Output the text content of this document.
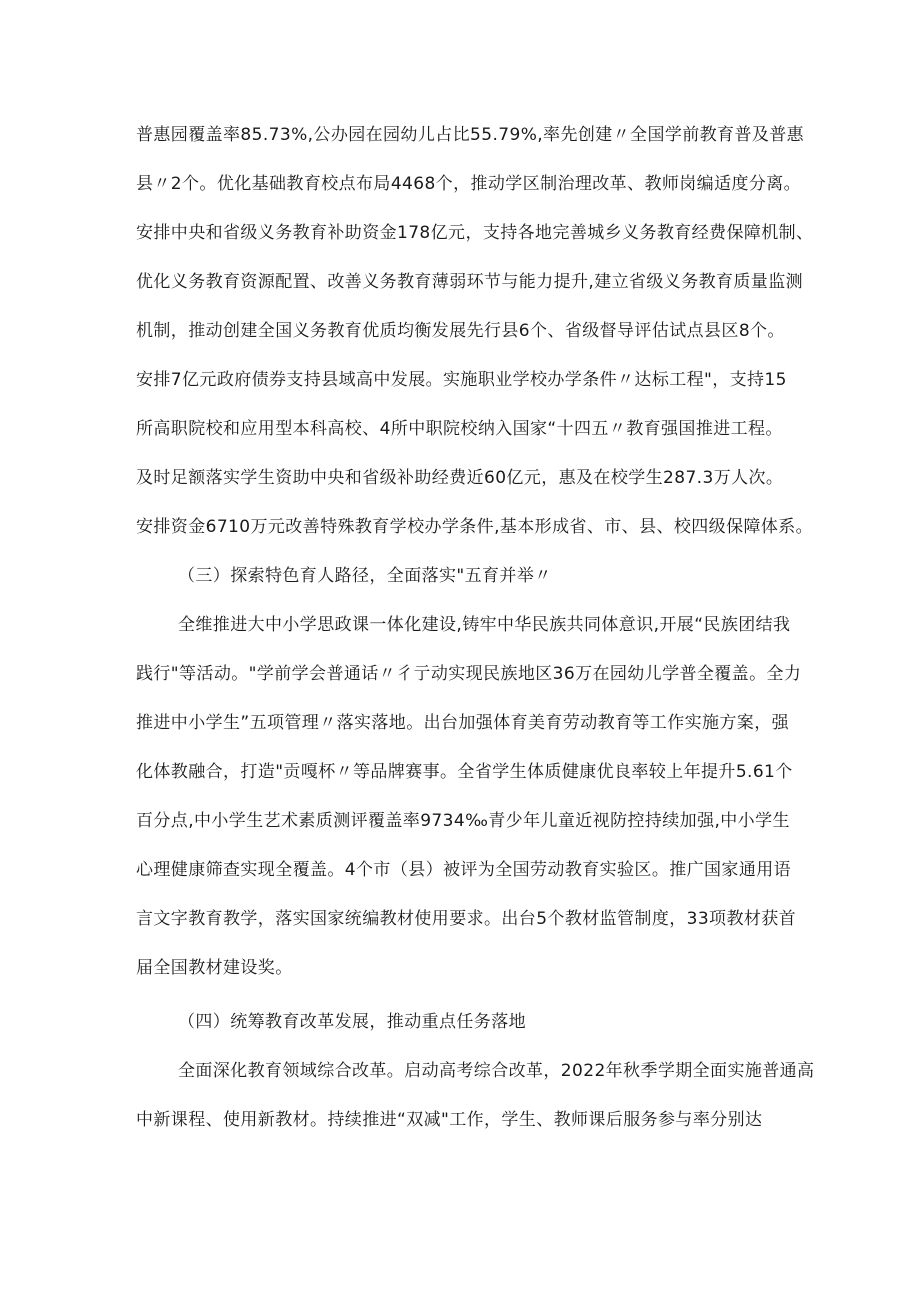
普惠园覆盖率85.73%,公办园在园幼儿占比55.79%,率先创建〃全国学前教育普及普惠
县〃2个。优化基础教育校点布局4468个，推动学区制治理改革、教师岗编适度分离。
安排中央和省级义务教育补助资金178亿元，支持各地完善城乡义务教育经费保障机制、
优化义务教育资源配置、改善义务教育薄弱环节与能力提升,建立省级义务教育质量监测
机制，推动创建全国义务教育优质均衡发展先行县6个、省级督导评估试点县区8个。
安排7亿元政府债券支持县域高中发展。实施职业学校办学条件〃达标工程"，支持15
所高职院校和应用型本科高校、4所中职院校纳入国家“十四五〃教育强国推进工程。
及时足额落实学生资助中央和省级补助经费近60亿元，惠及在校学生287.3万人次。
安排资金6710万元改善特殊教育学校办学条件,基本形成省、市、县、校四级保障体系。
（三）探索特色育人路径，全面落实"五育并举〃
全维推进大中小学思政课一体化建设,铸牢中华民族共同体意识,开展“民族团结我
践行"等活动。"学前学会普通话〃彳亍动实现民族地区36万在园幼儿学普全覆盖。全力
推进中小学生”五项管理〃落实落地。出台加强体育美育劳动教育等工作实施方案，强
化体教融合，打造"贡嘎杯〃等品牌赛事。全省学生体质健康优良率较上年提升5.61个
百分点,中小学生艺术素质测评覆盖率9734‰青少年儿童近视防控持续加强,中小学生
心理健康筛查实现全覆盖。4个市（县）被评为全国劳动教育实验区。推广国家通用语
言文字教育教学，落实国家统编教材使用要求。出台5个教材监管制度，33项教材获首
届全国教材建设奖。
（四）统筹教育改革发展，推动重点任务落地
全面深化教育领域综合改革。启动高考综合改革，2022年秋季学期全面实施普通高
中新课程、使用新教材。持续推进“双减"工作，学生、教师课后服务参与率分别达
